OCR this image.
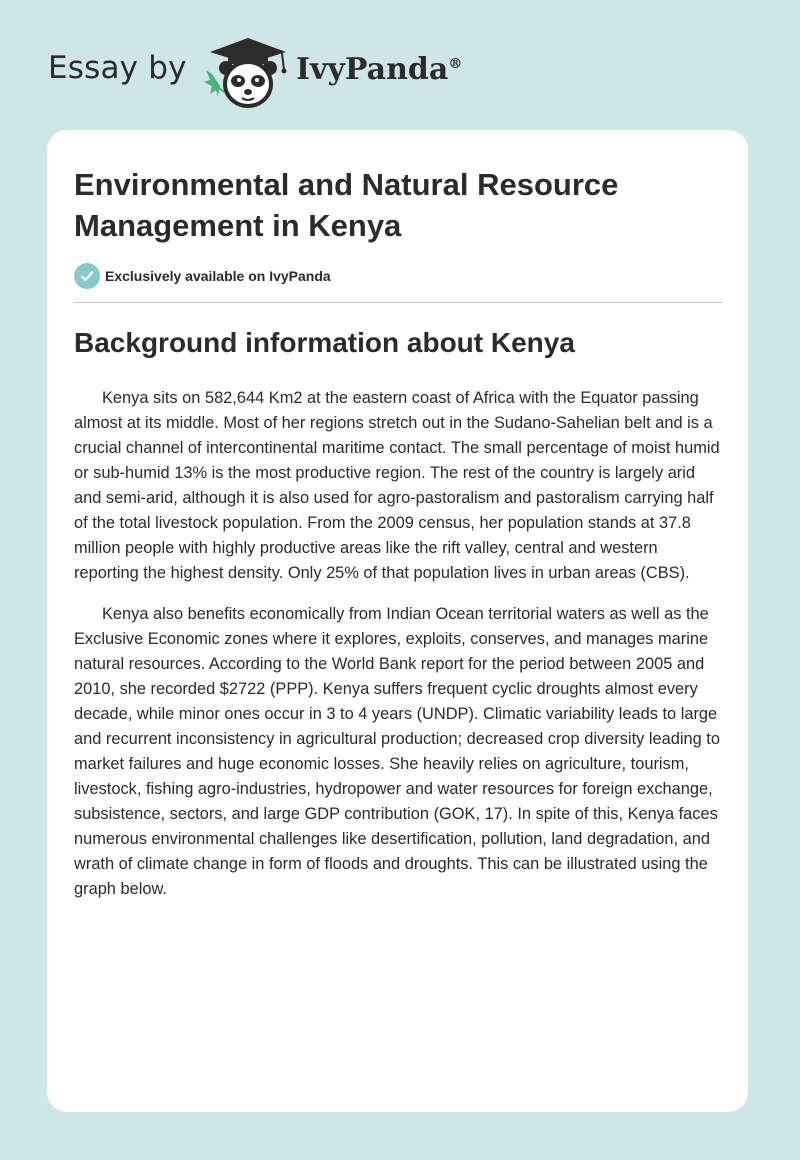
Essay by	IvyPanda®
Environmental and Natural Resource Management in Kenya
Exclusively available on IvyPanda
Background information about Kenya

Kenya sits on 582,644 Km2 at the eastern coast of Africa with the Equator passing almost at its middle. Most of her regions stretch out in the Sudano-Sahelian belt and is a crucial channel of intercontinental maritime contact. The small percentage of moist humid or sub-humid 13% is the most productive region. The rest of the country is largely arid and semi-arid, although it is also used for agro-pastoralism and pastoralism carrying half of the total livestock population. From the 2009 census, her population stands at 37.8 million people with highly productive areas like the rift valley, central and western reporting the highest density. Only 25% of that population lives in urban areas (CBS).

Kenya also benefits economically from Indian Ocean territorial waters as well as the Exclusive Economic zones where it explores, exploits, conserves, and manages marine natural resources. According to the World Bank report for the period between 2005 and 2010, she recorded $2722 (PPP). Kenya suffers frequent cyclic droughts almost every decade, while minor ones occur in 3 to 4 years (UNDP). Climatic variability leads to large and recurrent inconsistency in agricultural production; decreased crop diversity leading to market failures and huge economic losses. She heavily relies on agriculture, tourism, livestock, fishing agro-industries, hydropower and water resources for foreign exchange, subsistence, sectors, and large GDP contribution (GOK, 17). In spite of this, Kenya faces numerous environmental challenges like desertification, pollution, land degradation, and wrath of climate change in form of floods and droughts. This can be illustrated using the graph below.
